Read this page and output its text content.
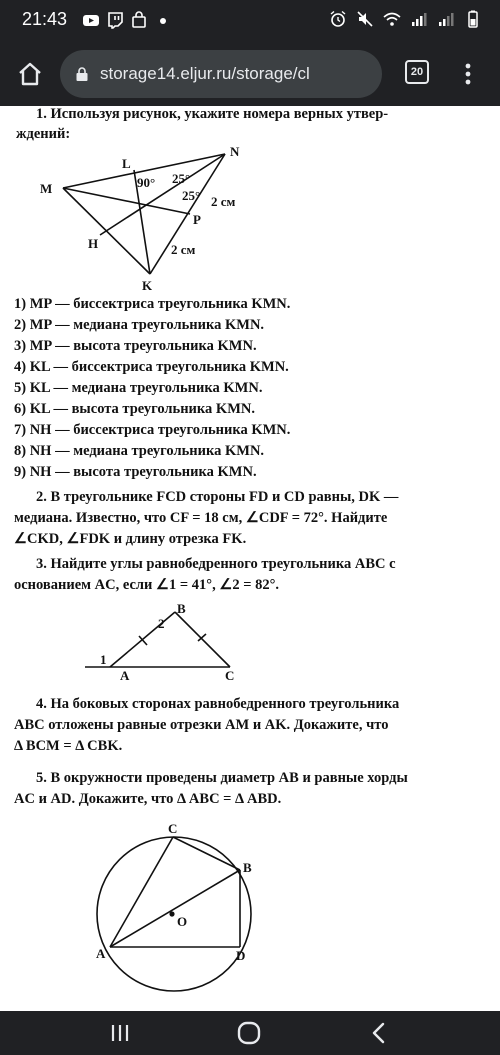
21:43
storage14.eljur.ru/storage/cl	20
1. Используя рисунок, укажите номера верных утвер-
ждений:
N
L
M
P
H
K
90° 25°
25° 2 см
2 см
1) MP — биссектриса треугольника KMN.
2) MP — медиана треугольника KMN.
3) MP — высота треугольника KMN.
4) KL — биссектриса треугольника KMN.
5) KL — медиана треугольника KMN.
6) KL — высота треугольника KMN.
7) NH — биссектриса треугольника KMN.
8) NH — медиана треугольника KMN.
9) NH — высота треугольника KMN.
2. В треугольнике FCD стороны FD и CD равны, DK —
медиана. Известно, что CF = 18 см, ∠CDF = 72°. Найдите
∠CKD, ∠FDK и длину отрезка FK.
3. Найдите углы равнобедренного треугольника ABC с
основанием AC, если ∠1 = 41°, ∠2 = 82°.
B
2
1
A	C
4. На боковых сторонах равнобедренного треугольника
ABC отложены равные отрезки AM и AK. Докажите, что
Δ BCM = Δ CBK.
5. В окружности проведены диаметр AB и равные хорды
AC и AD. Докажите, что Δ ABC = Δ ABD.
C
B
O
A	D
